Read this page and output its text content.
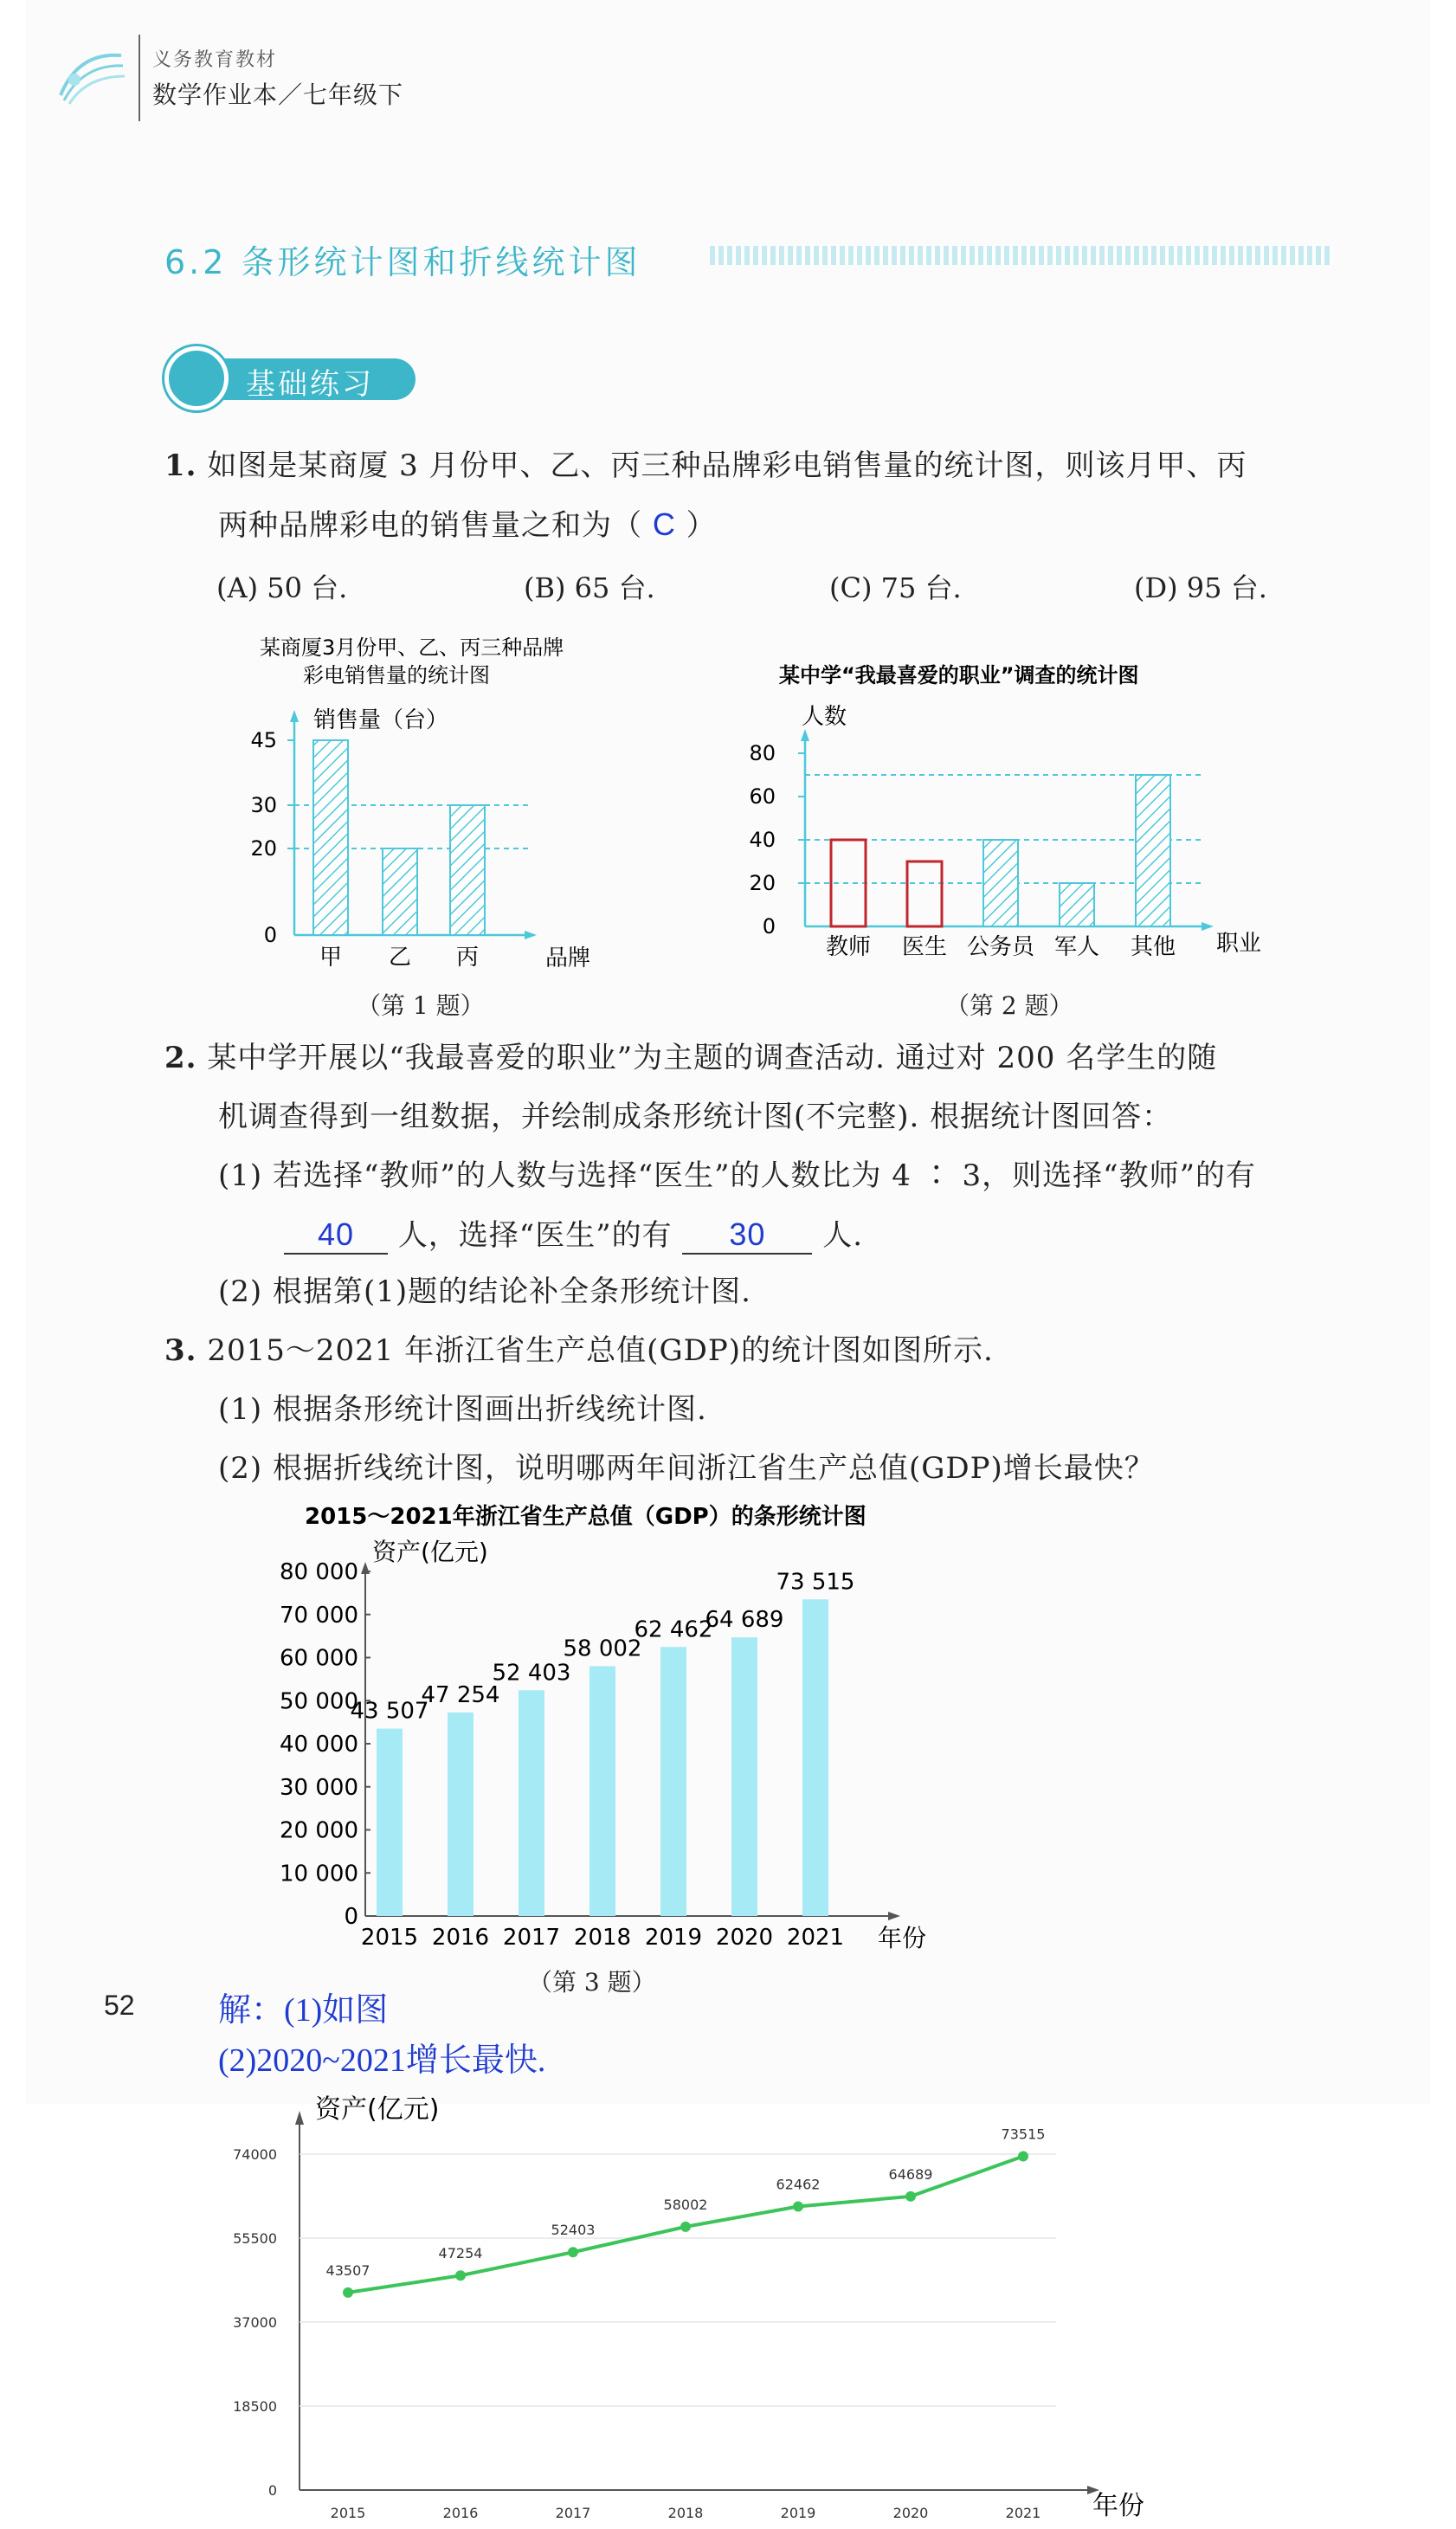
义务教育教材
数学作业本／七年级下
6.2 条形统计图和折线统计图
基础练习
1. 如图是某商厦 3 月份甲、乙、丙三种品牌彩电销售量的统计图，则该月甲、丙
两种品牌彩电的销售量之和为（ C ）
(A) 50 台.	(B) 65 台.	(C) 75 台.	(D) 95 台.
某商厦3月份甲、乙、丙三种品牌
彩电销售量的统计图
销售量（台）
品牌
45
30
20
0
甲 乙 丙
（第 1 题）
某中学“我最喜爱的职业”调查的统计图
人数
职业
80
60
40
20
0
教师 医生 公务员 军人 其他
（第 2 题）
2. 某中学开展以“我最喜爱的职业”为主题的调查活动. 通过对 200 名学生的随
机调查得到一组数据，并绘制成条形统计图(不完整). 根据统计图回答：
(1) 若选择“教师”的人数与选择“医生”的人数比为 4 ∶ 3，则选择“教师”的有
40 人，选择“医生”的有 30 人.
(2) 根据第(1)题的结论补全条形统计图.
3. 2015～2021 年浙江省生产总值(GDP)的统计图如图所示.
(1) 根据条形统计图画出折线统计图.
(2) 根据折线统计图，说明哪两年间浙江省生产总值(GDP)增长最快？
2015～2021年浙江省生产总值（GDP）的条形统计图
资产(亿元)
年份
80 000
70 000
60 000
50 000
40 000
30 000
20 000
10 000
0
43 507
2015
47 254
2016
52 403
2017
58 002
2018
62 462
2019
64 689
2020
73 515
2021
（第 3 题）
52	解：(1)如图
(2)2020~2021增长最快.
资产(亿元)
年份
74000
55500
37000
18500
0
2015	2016	2017	2018	2019	2020	2021
43507
47254
52403
58002
62462
64689
73515
